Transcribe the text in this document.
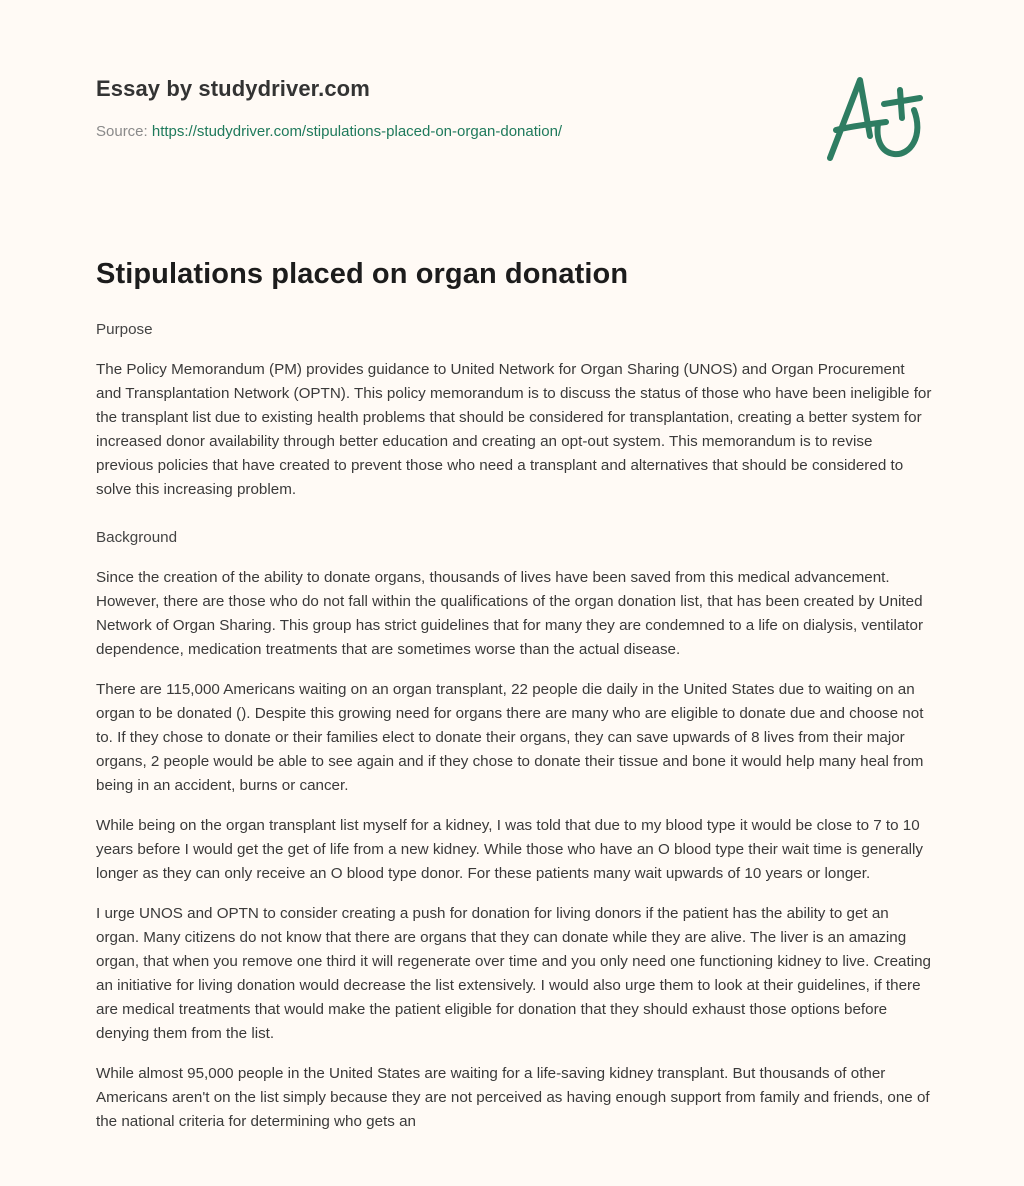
Essay by studydriver.com
Source: https://studydriver.com/stipulations-placed-on-organ-donation/
Stipulations placed on organ donation
Purpose

The Policy Memorandum (PM) provides guidance to United Network for Organ Sharing (UNOS) and Organ Procurement and Transplantation Network (OPTN). This policy memorandum is to discuss the status of those who have been ineligible for the transplant list due to existing health problems that should be considered for transplantation, creating a better system for increased donor availability through better education and creating an opt-out system. This memorandum is to revise previous policies that have created to prevent those who need a transplant and alternatives that should be considered to solve this increasing problem.

Background

Since the creation of the ability to donate organs, thousands of lives have been saved from this medical advancement. However, there are those who do not fall within the qualifications of the organ donation list, that has been created by United Network of Organ Sharing. This group has strict guidelines that for many they are condemned to a life on dialysis, ventilator dependence, medication treatments that are sometimes worse than the actual disease.

There are 115,000 Americans waiting on an organ transplant, 22 people die daily in the United States due to waiting on an organ to be donated (). Despite this growing need for organs there are many who are eligible to donate due and choose not to. If they chose to donate or their families elect to donate their organs, they can save upwards of 8 lives from their major organs, 2 people would be able to see again and if they chose to donate their tissue and bone it would help many heal from being in an accident, burns or cancer.

While being on the organ transplant list myself for a kidney, I was told that due to my blood type it would be close to 7 to 10 years before I would get the get of life from a new kidney. While those who have an O blood type their wait time is generally longer as they can only receive an O blood type donor. For these patients many wait upwards of 10 years or longer.

I urge UNOS and OPTN to consider creating a push for donation for living donors if the patient has the ability to get an organ. Many citizens do not know that there are organs that they can donate while they are alive. The liver is an amazing organ, that when you remove one third it will regenerate over time and you only need one functioning kidney to live. Creating an initiative for living donation would decrease the list extensively. I would also urge them to look at their guidelines, if there are medical treatments that would make the patient eligible for donation that they should exhaust those options before denying them from the list.

While almost 95,000 people in the United States are waiting for a life-saving kidney transplant. But thousands of other Americans aren't on the list simply because they are not perceived as having enough support from family and friends, one of the national criteria for determining who gets an
